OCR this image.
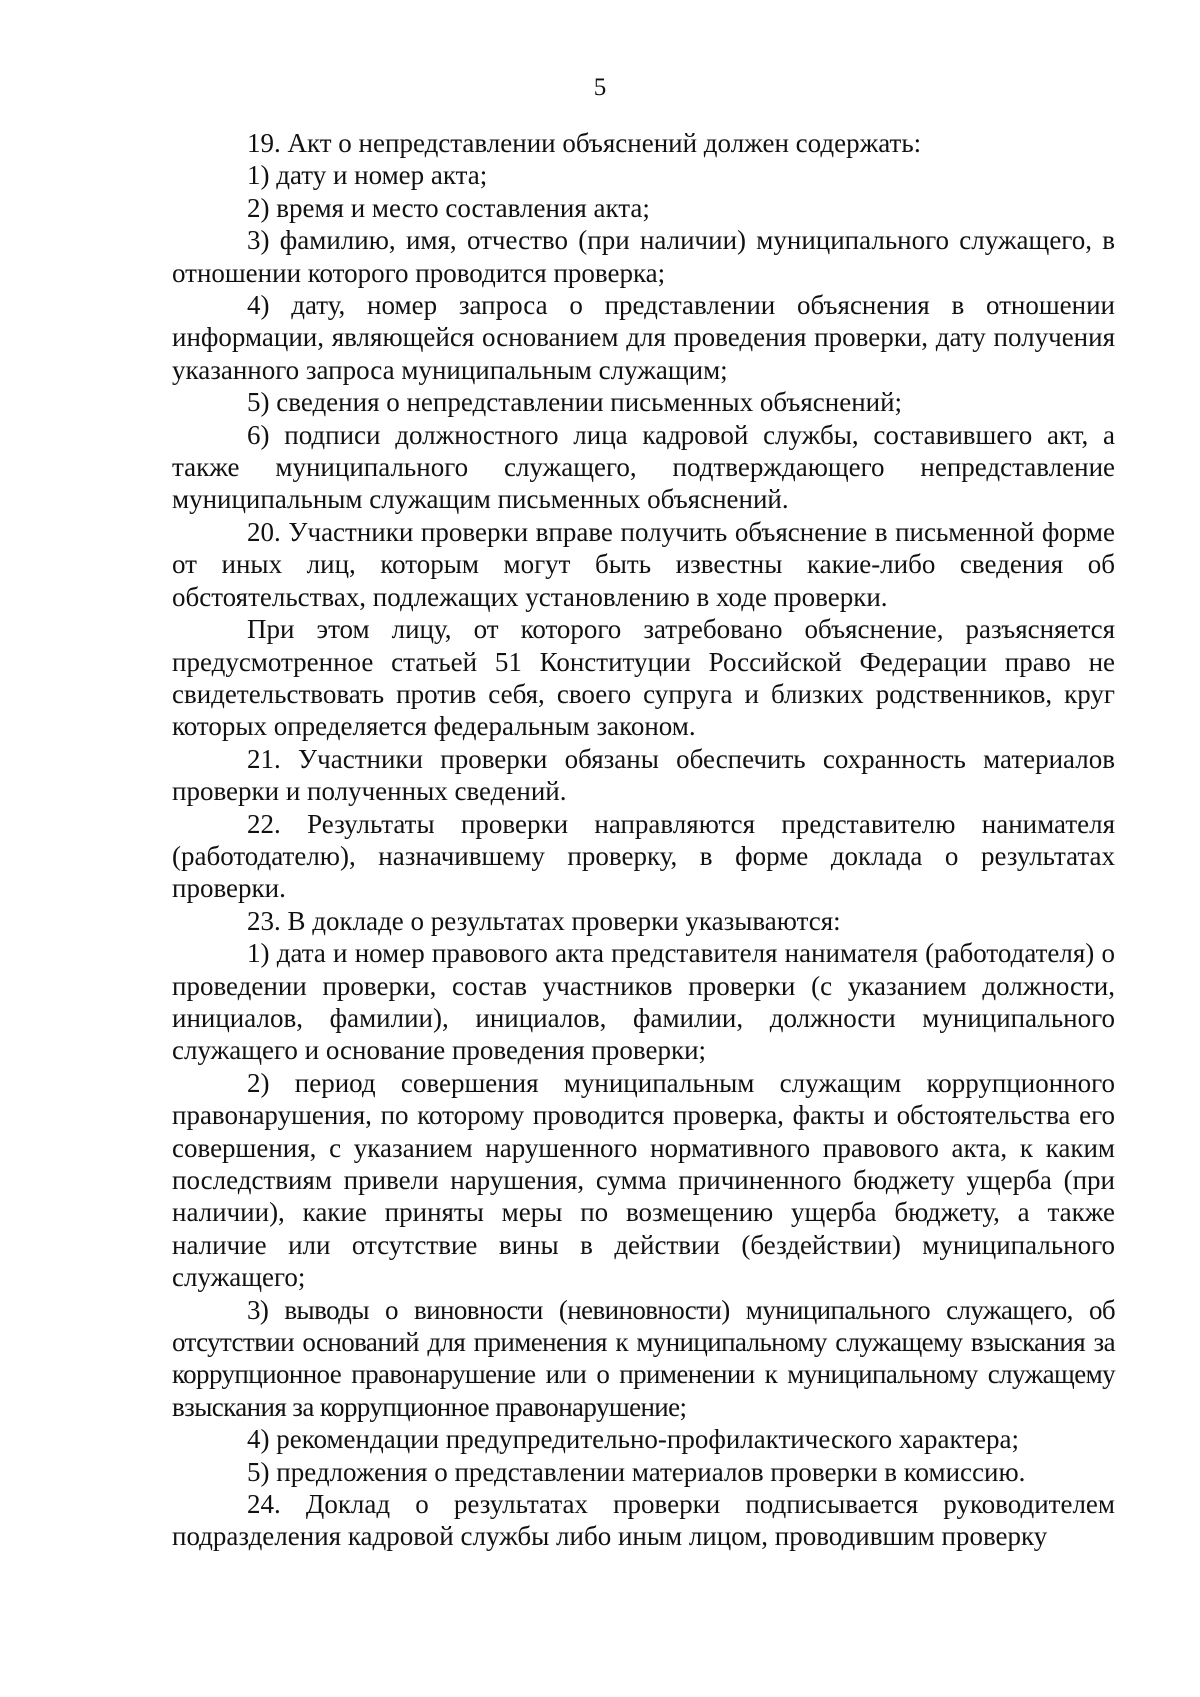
5

19. Акт о непредставлении объяснений должен содержать:

1) дату и номер акта;

2) время и место составления акта;

3) фамилию, имя, отчество (при наличии) муниципального служащего, в отношении которого проводится проверка;

4) дату, номер запроса о представлении объяснения в отношении информации, являющейся основанием для проведения проверки, дату получения указанного запроса муниципальным служащим;

5) сведения о непредставлении письменных объяснений;

6) подписи должностного лица кадровой службы, составившего акт, а также муниципального служащего, подтверждающего непредставление муниципальным служащим письменных объяснений.

20. Участники проверки вправе получить объяснение в письменной форме от иных лиц, которым могут быть известны какие-либо сведения об обстоятельствах, подлежащих установлению в ходе проверки.

При этом лицу, от которого затребовано объяснение, разъясняется предусмотренное статьей 51 Конституции Российской Федерации право не свидетельствовать против себя, своего супруга и близких родственников, круг которых определяется федеральным законом.

21. Участники проверки обязаны обеспечить сохранность материалов проверки и полученных сведений.

22. Результаты проверки направляются представителю нанимателя (работодателю), назначившему проверку, в форме доклада о результатах проверки.

23. В докладе о результатах проверки указываются:

1) дата и номер правового акта представителя нанимателя (работодателя) о проведении проверки, состав участников проверки (с указанием должности, инициалов, фамилии), инициалов, фамилии, должности муниципального служащего и основание проведения проверки;

2) период совершения муниципальным служащим коррупционного правонарушения, по которому проводится проверка, факты и обстоятельства его совершения, с указанием нарушенного нормативного правового акта, к каким последствиям привели нарушения, сумма причиненного бюджету ущерба (при наличии), какие приняты меры по возмещению ущерба бюджету, а также наличие или отсутствие вины в действии (бездействии) муниципального служащего;

3) выводы о виновности (невиновности) муниципального служащего, об отсутствии оснований для применения к муниципальному служащему взыскания за коррупционное правонарушение или о применении к муниципальному служащему взыскания за коррупционное правонарушение;

4) рекомендации предупредительно-профилактического характера;

5) предложения о представлении материалов проверки в комиссию.

24. Доклад о результатах проверки подписывается руководителем подразделения кадровой службы либо иным лицом, проводившим проверку
